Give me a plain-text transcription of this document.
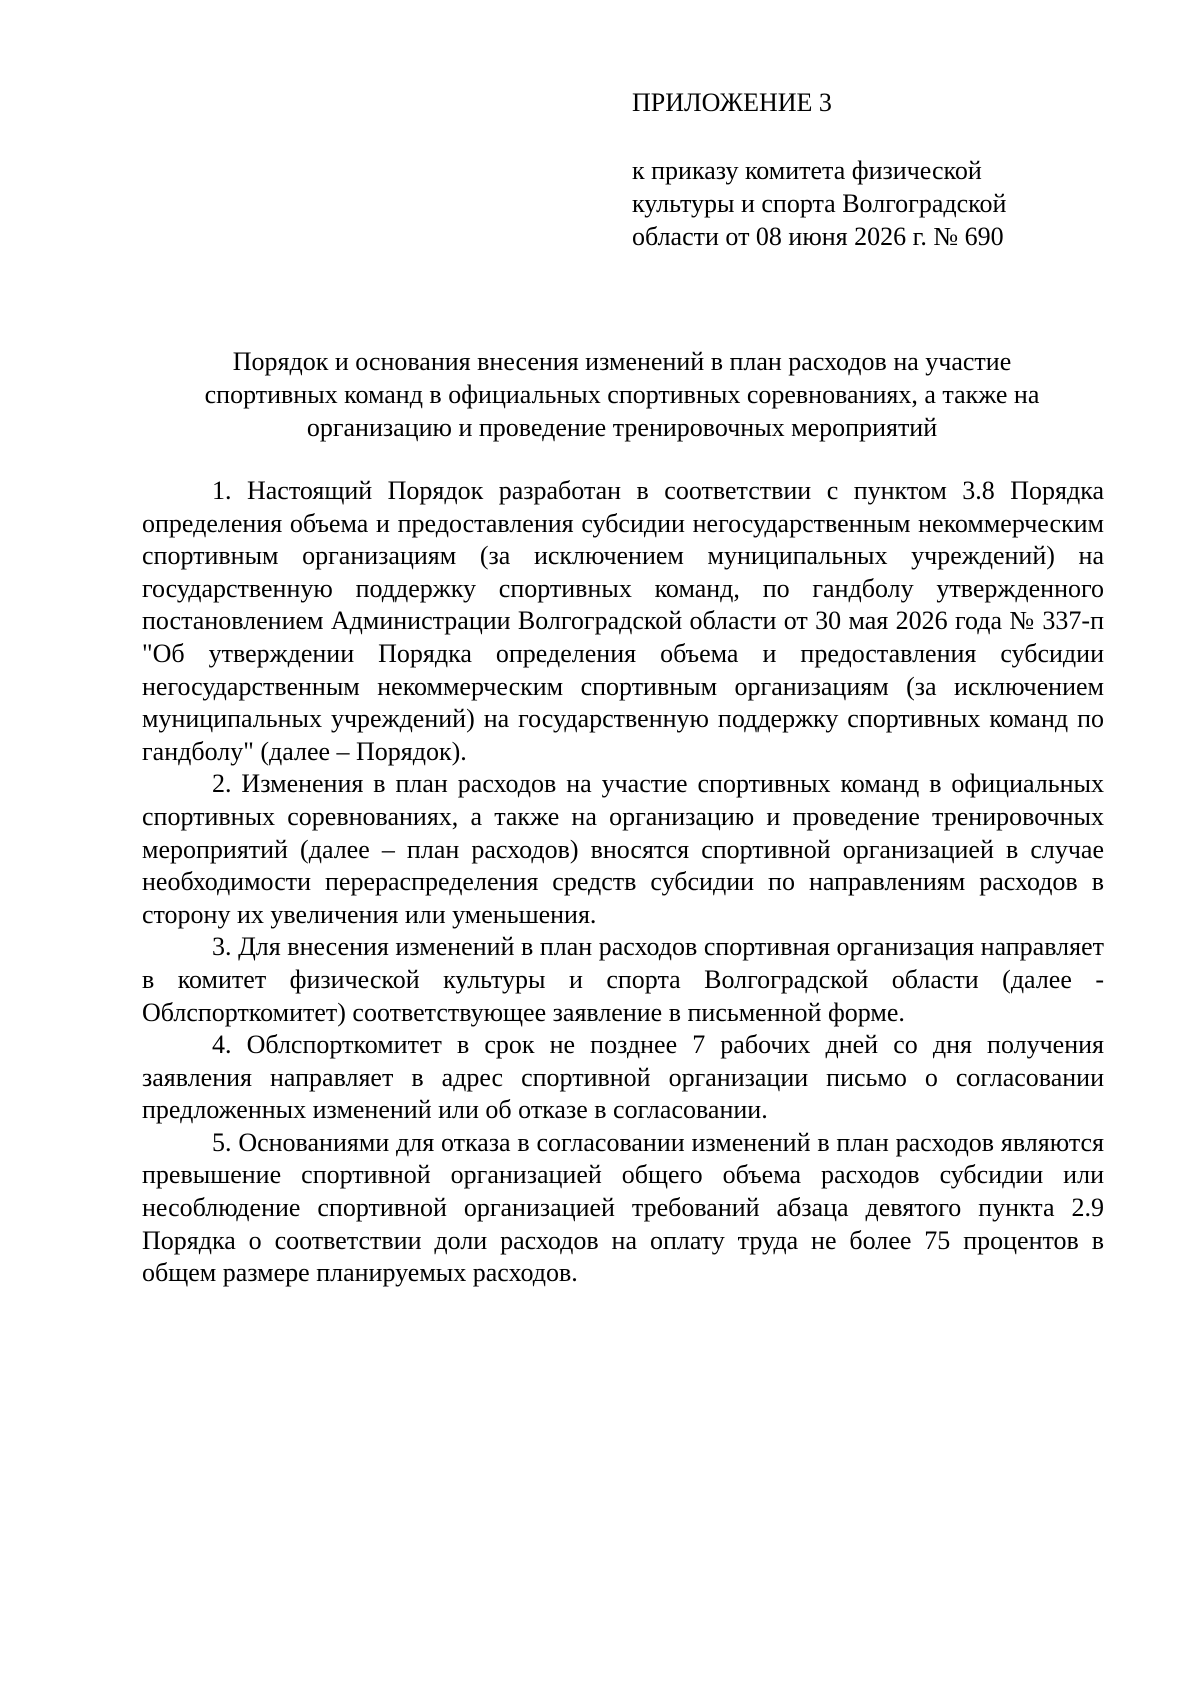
ПРИЛОЖЕНИЕ 3
к приказу комитета физической
культуры и спорта Волгоградской
области от 08 июня 2026 г. № 690
Порядок и основания внесения изменений в план расходов на участие
спортивных команд в официальных спортивных соревнованиях, а также на
организацию и проведение тренировочных мероприятий

1. Настоящий Порядок разработан в соответствии с пунктом 3.8 Порядка определения объема и предоставления субсидии негосударственным некоммерческим спортивным организациям (за исключением муниципальных учреждений) на государственную поддержку спортивных команд, по гандболу утвержденного постановлением Администрации Волгоградской области от 30 мая 2026 года № 337-п "Об утверждении Порядка определения объема и предоставления субсидии негосударственным некоммерческим спортивным организациям (за исключением муниципальных учреждений) на государственную поддержку спортивных команд по гандболу" (далее – Порядок).

2. Изменения в план расходов на участие спортивных команд в официальных спортивных соревнованиях, а также на организацию и проведение тренировочных мероприятий (далее – план расходов) вносятся спортивной организацией в случае необходимости перераспределения средств субсидии по направлениям расходов в сторону их увеличения или уменьшения.

3. Для внесения изменений в план расходов спортивная организация направляет в комитет физической культуры и спорта Волгоградской области (далее - Облспорткомитет) соответствующее заявление в письменной форме.

4. Облспорткомитет в срок не позднее 7 рабочих дней со дня получения заявления направляет в адрес спортивной организации письмо о согласовании предложенных изменений или об отказе в согласовании.

5. Основаниями для отказа в согласовании изменений в план расходов являются превышение спортивной организацией общего объема расходов субсидии или несоблюдение спортивной организацией требований абзаца девятого пункта 2.9 Порядка о соответствии доли расходов на оплату труда не более 75 процентов в общем размере планируемых расходов.
